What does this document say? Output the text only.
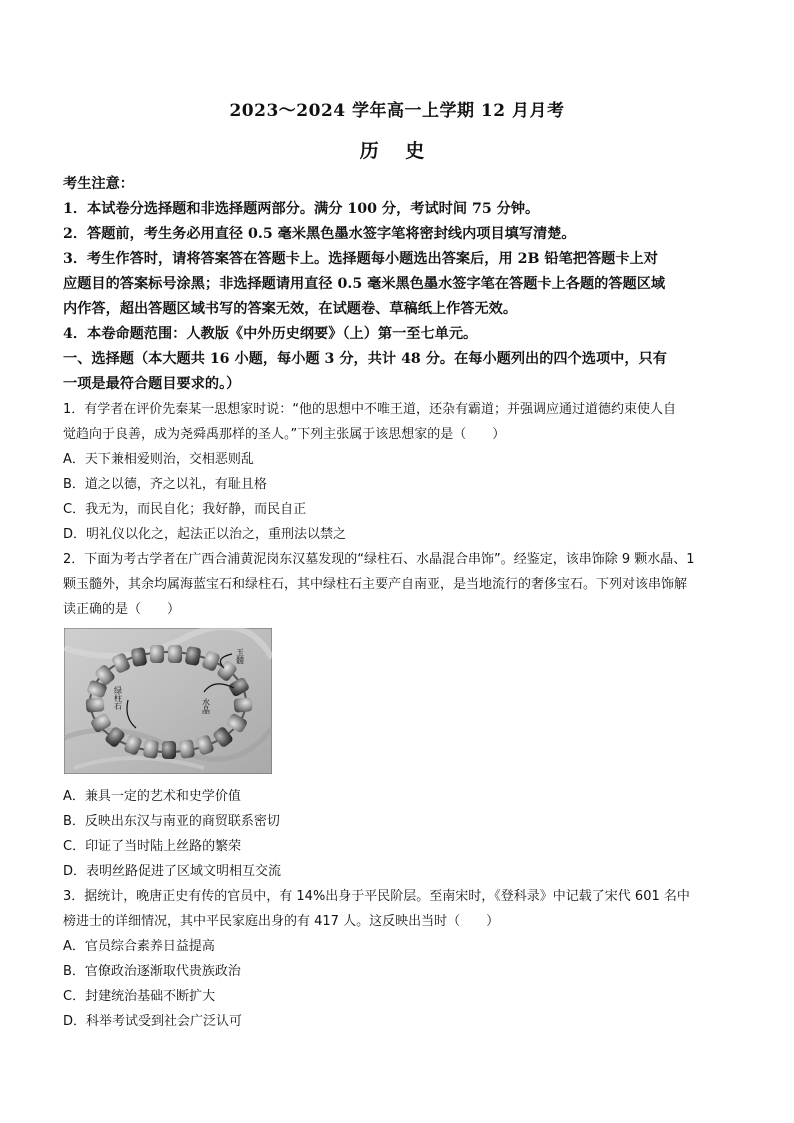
2023～2024 学年高一上学期 12 月月考
历 史

考生注意：

1．本试卷分选择题和非选择题两部分。满分 100 分，考试时间 75 分钟。

2．答题前，考生务必用直径 0.5 毫米黑色墨水签字笔将密封线内项目填写清楚。

3．考生作答时，请将答案答在答题卡上。选择题每小题选出答案后，用 2B 铅笔把答题卡上对

应题目的答案标号涂黑；非选择题请用直径 0.5 毫米黑色墨水签字笔在答题卡上各题的答题区域

内作答，超出答题区域书写的答案无效，在试题卷、草稿纸上作答无效。

4．本卷命题范围：人教版《中外历史纲要》（上）第一至七单元。

一、选择题（本大题共 16 小题，每小题 3 分，共计 48 分。在每小题列出的四个选项中，只有

一项是最符合题目要求的。）

1．有学者在评价先秦某一思想家时说：“他的思想中不唯王道，还杂有霸道；并强调应通过道德约束使人自

觉趋向于良善，成为尧舜禹那样的圣人。”下列主张属于该思想家的是（　　）

A．天下兼相爱则治，交相恶则乱

B．道之以德，齐之以礼，有耻且格

C．我无为，而民自化；我好静，而民自正

D．明礼仪以化之，起法正以治之，重刑法以禁之

2．下面为考古学者在广西合浦黄泥岗东汉墓发现的“绿柱石、水晶混合串饰”。经鉴定，该串饰除 9 颗水晶、1

颗玉髓外，其余均属海蓝宝石和绿柱石，其中绿柱石主要产自南亚，是当地流行的奢侈宝石。下列对该串饰解

读正确的是（　　）

玉髓
水晶
绿柱石

A．兼具一定的艺术和史学价值

B．反映出东汉与南亚的商贸联系密切

C．印证了当时陆上丝路的繁荣

D．表明丝路促进了区域文明相互交流

3．据统计，晚唐正史有传的官员中，有 14%出身于平民阶层。至南宋时，《登科录》中记载了宋代 601 名中

榜进士的详细情况，其中平民家庭出身的有 417 人。这反映出当时（　　）

A．官员综合素养日益提高

B．官僚政治逐渐取代贵族政治

C．封建统治基础不断扩大

D．科举考试受到社会广泛认可
